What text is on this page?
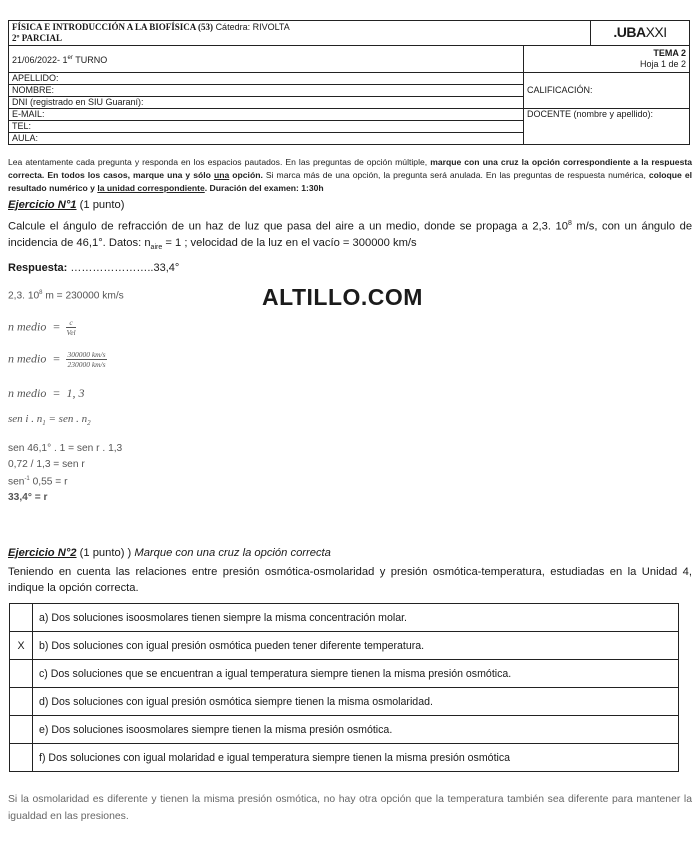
FÍSICA E INTRODUCCIÓN A LA BIOFÍSICA (53) Cátedra: RIVOLTA
2º PARCIAL		.UBAXXI
21/06/2022- 1er TURNO	TEMA 2
Hoja 1 de 2	
APELLIDO:	CALIFICACIÓN:	
NOMBRE:		
DNI (registrado en SIU Guaraní):		
E-MAIL:	DOCENTE (nombre y apellido):	
TEL:		
AULA:		
Lea atentamente cada pregunta y responda en los espacios pautados. En las preguntas de opción múltiple, marque con una cruz la opción correspondiente a la respuesta correcta. En todos los casos, marque una y sólo una opción. Si marca más de una opción, la pregunta será anulada. En las preguntas de respuesta numérica, coloque el resultado numérico y la unidad correspondiente. Duración del examen: 1:30h
Ejercicio N°1 (1 punto)
Calcule el ángulo de refracción de un haz de luz que pasa del aire a un medio, donde se propaga a 2,3. $10^8$ m/s, con un ángulo de incidencia de 46,1°. Datos: $n_{aire} = 1$ ; velocidad de la luz en el vacío = 300000 km/s
Respuesta: …………………..33,4°
2,3. $10^8$ m = 230000 km/s
n medio = $\frac{c}{\text{Vel}}$
n medio = $\frac{300000 km/s}{230000 km/s}$
n medio = 1, 3
sen i . $n_1$ = sen . $n_2$
sen 46,1° . 1 = sen r . 1,3
0,72 / 1,3 = sen r
sen$^{-1}$ 0,55 = r
33,4° = r
ALTILLO.COM
Ejercicio N°2 (1 punto) ) Marque con una cruz la opción correcta
Teniendo en cuenta las relaciones entre presión osmótica-osmolaridad y presión osmótica-temperatura, estudiadas en la Unidad 4, indique la opción correcta.
	a) Dos soluciones isoosmolares tienen siempre la misma concentración molar.
X	b) Dos soluciones con igual presión osmótica pueden tener diferente temperatura.
	c) Dos soluciones que se encuentran a igual temperatura siempre tienen la misma presión osmótica.
	d) Dos soluciones con igual presión osmótica siempre tienen la misma osmolaridad.
	e) Dos soluciones isoosmolares siempre tienen la misma presión osmótica.
	f) Dos soluciones con igual molaridad e igual temperatura siempre tienen la misma presión osmótica
Si la osmolaridad es diferente y tienen la misma presión osmótica, no hay otra opción que la temperatura también sea diferente para mantener la igualdad en las presiones.
